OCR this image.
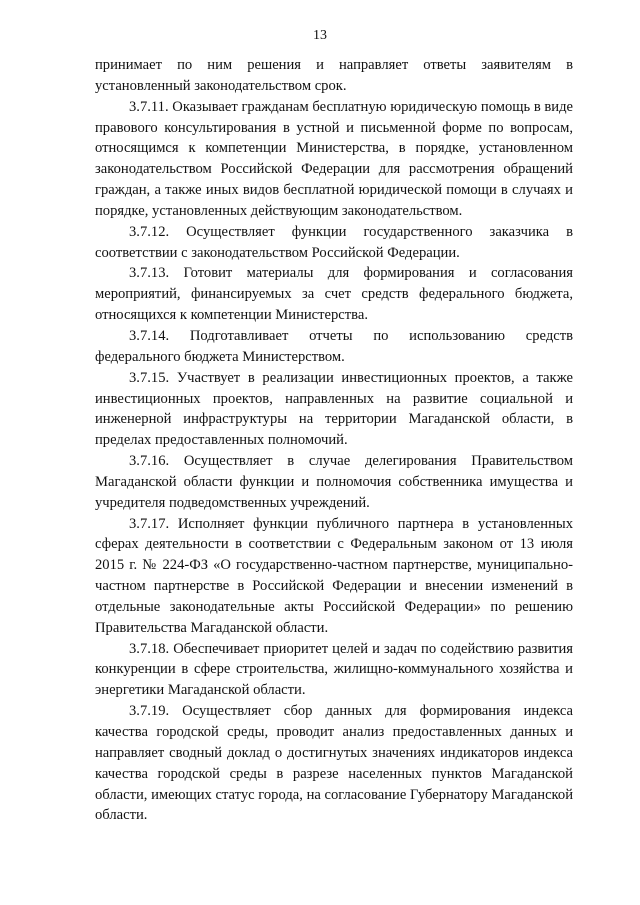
13

принимает по ним решения и направляет ответы заявителям в установленный законодательством срок.

3.7.11. Оказывает гражданам бесплатную юридическую помощь в виде правового консультирования в устной и письменной форме по вопросам, относящимся к компетенции Министерства, в порядке, установленном законодательством Российской Федерации для рассмотрения обращений граждан, а также иных видов бесплатной юридической помощи в случаях и порядке, установленных действующим законодательством.

3.7.12. Осуществляет функции государственного заказчика в соответствии с законодательством Российской Федерации.

3.7.13. Готовит материалы для формирования и согласования мероприятий, финансируемых за счет средств федерального бюджета, относящихся к компетенции Министерства.

3.7.14. Подготавливает отчеты по использованию средств федерального бюджета Министерством.

3.7.15. Участвует в реализации инвестиционных проектов, а также инвестиционных проектов, направленных на развитие социальной и инженерной инфраструктуры на территории Магаданской области, в пределах предоставленных полномочий.

3.7.16. Осуществляет в случае делегирования Правительством Магаданской области функции и полномочия собственника имущества и учредителя подведомственных учреждений.

3.7.17. Исполняет функции публичного партнера в установленных сферах деятельности в соответствии с Федеральным законом от 13 июля 2015 г. № 224-ФЗ «О государственно-частном партнерстве, муниципально-частном партнерстве в Российской Федерации и внесении изменений в отдельные законодательные акты Российской Федерации» по решению Правительства Магаданской области.

3.7.18. Обеспечивает приоритет целей и задач по содействию развития конкуренции в сфере строительства, жилищно-коммунального хозяйства и энергетики Магаданской области.

3.7.19. Осуществляет сбор данных для формирования индекса качества городской среды, проводит анализ предоставленных данных и направляет сводный доклад о достигнутых значениях индикаторов индекса качества городской среды в разрезе населенных пунктов Магаданской области, имеющих статус города, на согласование Губернатору Магаданской области.
